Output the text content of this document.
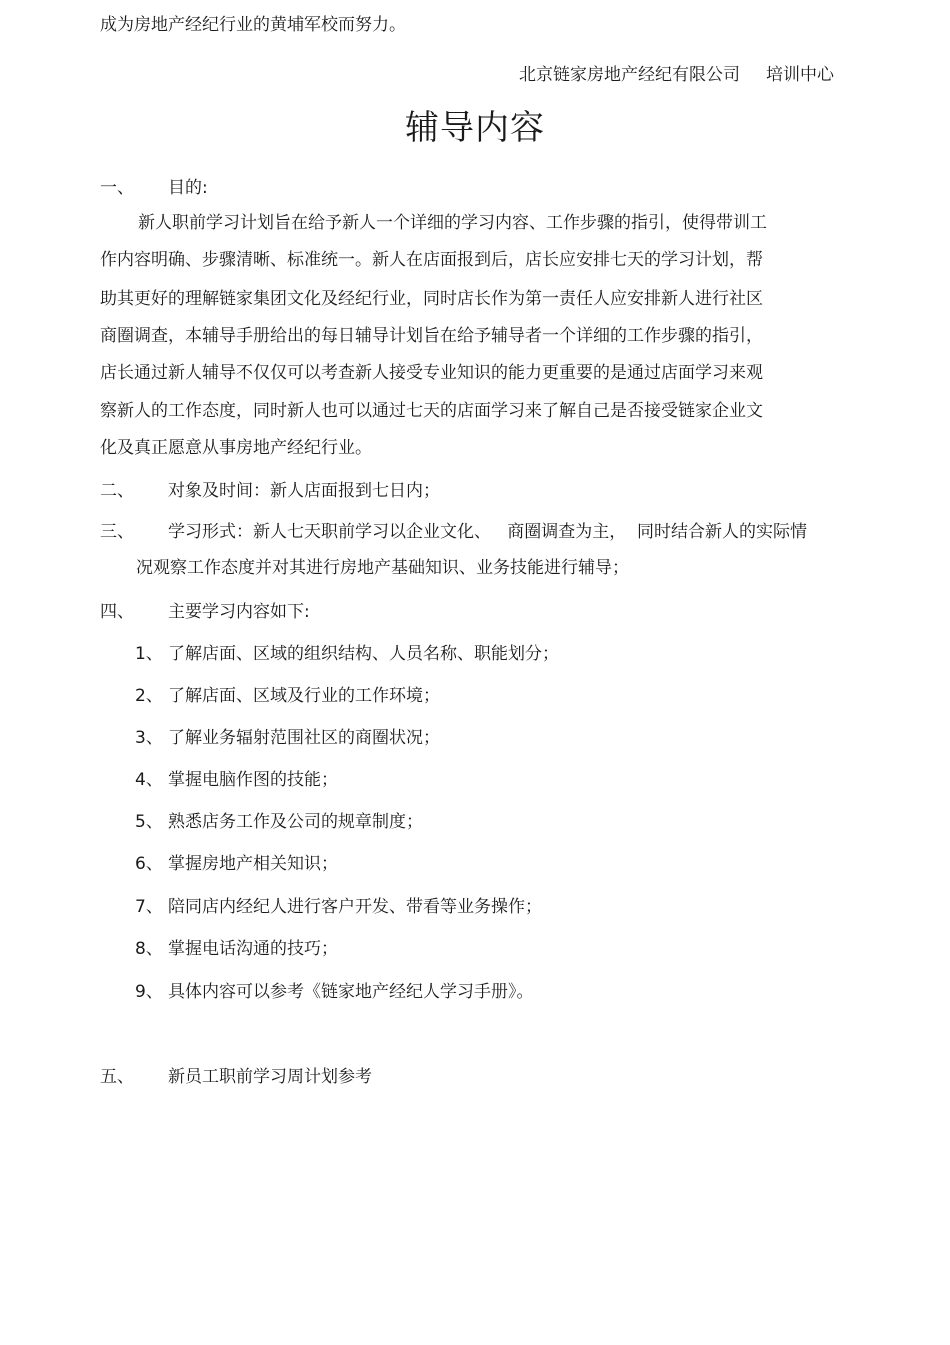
成为房地产经纪行业的黄埔军校而努力。
北京链家房地产经纪有限公司 培训中心
辅导内容
一、 目的:
新人职前学习计划旨在给予新人一个详细的学习内容、工作步骤的指引，使得带训工
作内容明确、步骤清晰、标准统一。新人在店面报到后，店长应安排七天的学习计划，帮
助其更好的理解链家集团文化及经纪行业，同时店长作为第一责任人应安排新人进行社区
商圈调查，本辅导手册给出的每日辅导计划旨在给予辅导者一个详细的工作步骤的指引，
店长通过新人辅导不仅仅可以考查新人接受专业知识的能力更重要的是通过店面学习来观
察新人的工作态度，同时新人也可以通过七天的店面学习来了解自己是否接受链家企业文
化及真正愿意从事房地产经纪行业。
二、 对象及时间：新人店面报到七日内；
三、 学习形式：新人七天职前学习以企业文化、   商圈调查为主，  同时结合新人的实际情
况观察工作态度并对其进行房地产基础知识、业务技能进行辅导；
四、 主要学习内容如下:
1、 了解店面、区域的组织结构、人员名称、职能划分；
2、 了解店面、区域及行业的工作环境；
3、 了解业务辐射范围社区的商圈状况；
4、 掌握电脑作图的技能；
5、 熟悉店务工作及公司的规章制度；
6、 掌握房地产相关知识；
7、 陪同店内经纪人进行客户开发、带看等业务操作；
8、 掌握电话沟通的技巧；
9、 具体内容可以参考《链家地产经纪人学习手册》。
五、 新员工职前学习周计划参考
